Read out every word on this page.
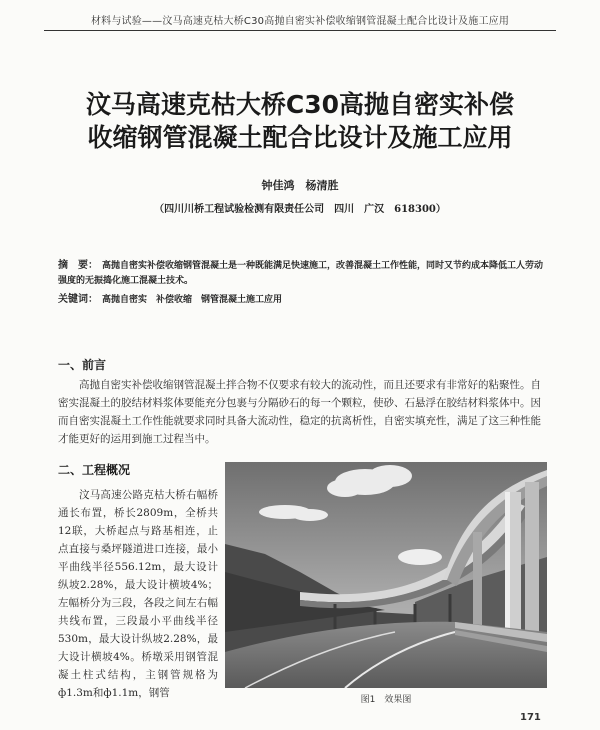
材料与试验——汶马高速克枯大桥C30高抛自密实补偿收缩钢管混凝土配合比设计及施工应用
汶马高速克枯大桥C30高抛自密实补偿
收缩钢管混凝土配合比设计及施工应用
钟佳鸿　杨清胜
（四川川桥工程试验检测有限责任公司　四川　广汉　618300）
摘　要： 高抛自密实补偿收缩钢管混凝土是一种既能满足快速施工，改善混凝土工作性能，同时又节约成本降低工人劳动强度的无振捣化施工混凝土技术。
关键词： 高抛自密实　补偿收缩　钢管混凝土施工应用
一、前言

高抛自密实补偿收缩钢管混凝土拌合物不仅要求有较大的流动性，而且还要求有非常好的粘聚性。自密实混凝土的胶结材料浆体要能充分包裹与分隔砂石的每一个颗粒，使砂、石悬浮在胶结材料浆体中。因而自密实混凝土工作性能就要求同时具备大流动性，稳定的抗离析性，自密实填充性，满足了这三种性能才能更好的运用到施工过程当中。

二、工程概况

汶马高速公路克枯大桥右幅桥通长布置，桥长2809m，全桥共12联，大桥起点与路基相连，止点直接与桑坪隧道进口连接，最小平曲线半径556.12m，最大设计纵坡2.28%，最大设计横坡4%；左幅桥分为三段，各段之间左右幅共线布置，三段最小平曲线半径530m，最大设计纵坡2.28%，最大设计横坡4%。桥墩采用钢管混凝土柱式结构，主钢管规格为ф1.3m和ф1.1m，钢管

图1　效果图
171
